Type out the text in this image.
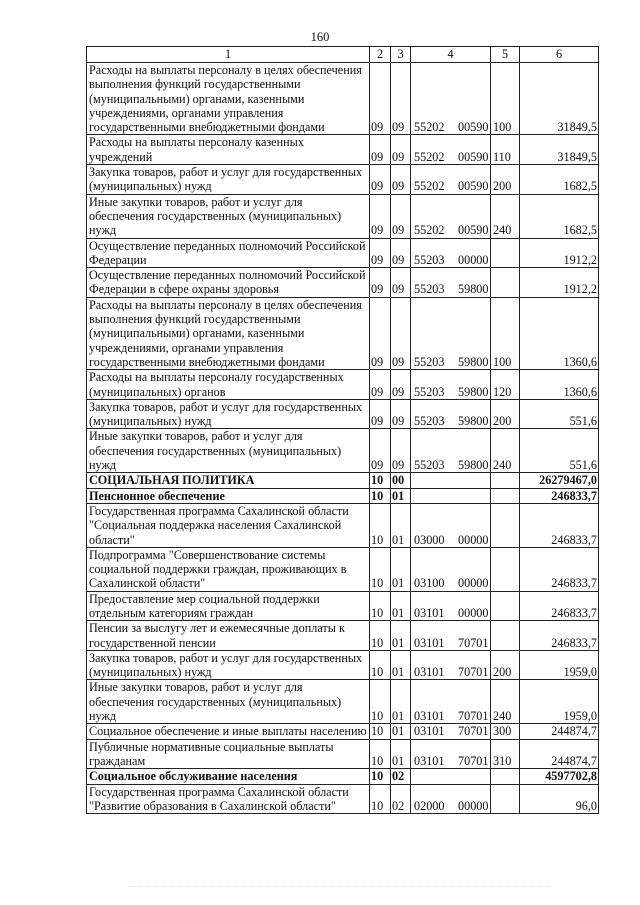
160
1	2	3	4	5	6
Расходы на выплаты персоналу в целях обеспечения выполнения функций государственными (муниципальными) органами, казенными учреждениями, органами управления государственными внебюджетными фондами	09	09	55202 00590	100	31849,5
Расходы на выплаты персоналу казенных учреждений	09	09	55202 00590	110	31849,5
Закупка товаров, работ и услуг для государственных (муниципальных) нужд	09	09	55202 00590	200	1682,5
Иные закупки товаров, работ и услуг для обеспечения государственных (муниципальных) нужд	09	09	55202 00590	240	1682,5
Осуществление переданных полномочий Российской Федерации	09	09	55203 00000		1912,2
Осуществление переданных полномочий Российской Федерации в сфере охраны здоровья	09	09	55203 59800		1912,2
Расходы на выплаты персоналу в целях обеспечения выполнения функций государственными (муниципальными) органами, казенными учреждениями, органами управления государственными внебюджетными фондами	09	09	55203 59800	100	1360,6
Расходы на выплаты персоналу государственных (муниципальных) органов	09	09	55203 59800	120	1360,6
Закупка товаров, работ и услуг для государственных (муниципальных) нужд	09	09	55203 59800	200	551,6
Иные закупки товаров, работ и услуг для обеспечения государственных (муниципальных) нужд	09	09	55203 59800	240	551,6
СОЦИАЛЬНАЯ ПОЛИТИКА	10	00			26279467,0
Пенсионное обеспечение	10	01			246833,7
Государственная программа Сахалинской области "Социальная поддержка населения Сахалинской области"	10	01	03000 00000		246833,7
Подпрограмма "Совершенствование системы социальной поддержки граждан, проживающих в Сахалинской области"	10	01	03100 00000		246833,7
Предоставление мер социальной поддержки отдельным категориям граждан	10	01	03101 00000		246833,7
Пенсии за выслугу лет и ежемесячные доплаты к государственной пенсии	10	01	03101 70701		246833,7
Закупка товаров, работ и услуг для государственных (муниципальных) нужд	10	01	03101 70701	200	1959,0
Иные закупки товаров, работ и услуг для обеспечения государственных (муниципальных) нужд	10	01	03101 70701	240	1959,0
Социальное обеспечение и иные выплаты населению	10	01	03101 70701	300	244874,7
Публичные нормативные социальные выплаты гражданам	10	01	03101 70701	310	244874,7
Социальное обслуживание населения	10	02			4597702,8
Государственная программа Сахалинской области "Развитие образования в Сахалинской области"	10	02	02000 00000		96,0
